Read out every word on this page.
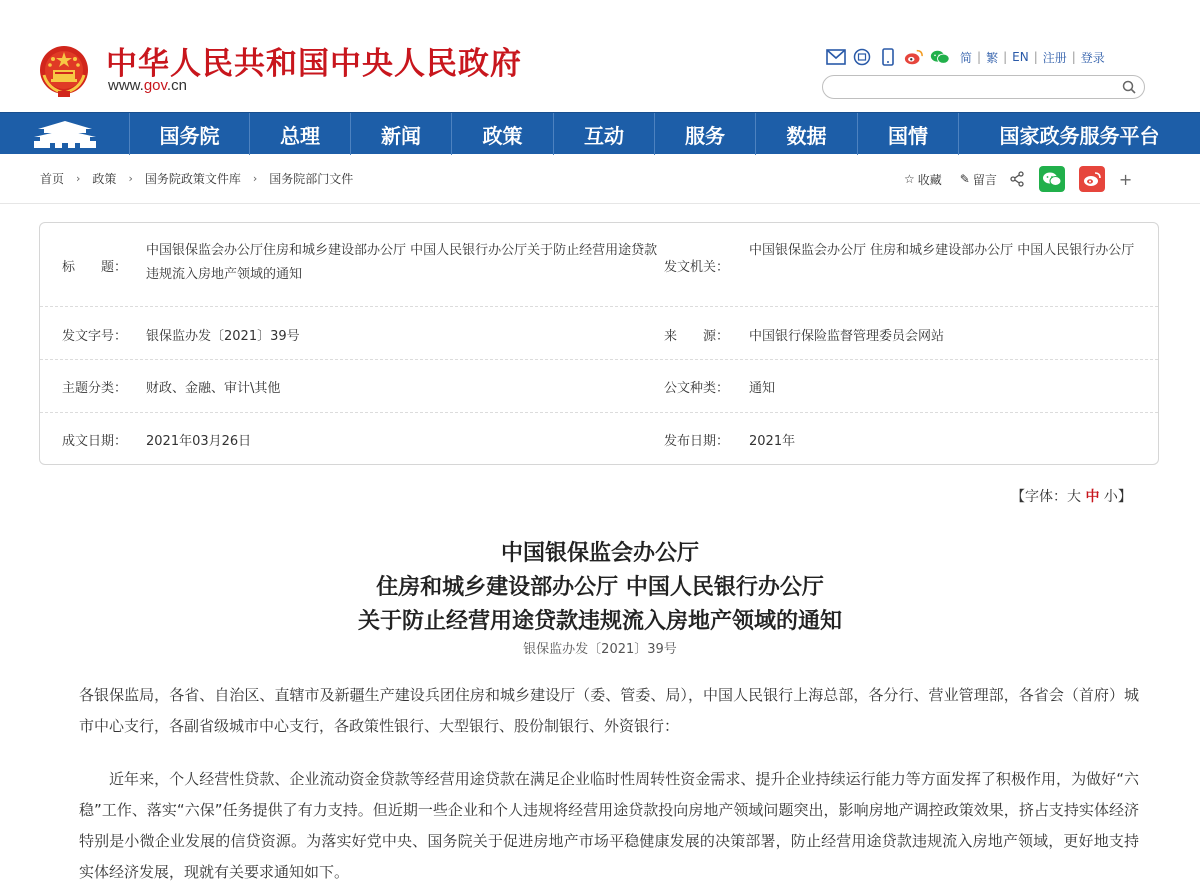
中华人民共和国中央人民政府
www.gov.cn
简 | 繁 | EN | 注册 | 登录
国务院	总理	新闻	政策	互动	服务	数据	国情	国家政务服务平台
首页 › 政策 › 国务院政策文件库 › 国务院部门文件	☆ 收藏 ✎ 留言	+
标　　题：
中国银保监会办公厅住房和城乡建设部办公厅 中国人民银行办公厅关于防止经营用途贷款违规流入房地产领域的通知	发文机关：
中国银保监会办公厅 住房和城乡建设部办公厅 中国人民银行办公厅
发文字号： 银保监办发〔2021〕39号	来　　源： 中国银行保险监督管理委员会网站
主题分类： 财政、金融、审计\其他	公文种类： 通知
成文日期： 2021年03月26日	发布日期： 2021年
【字体：大 中 小】
中国银保监会办公厅
住房和城乡建设部办公厅 中国人民银行办公厅
关于防止经营用途贷款违规流入房地产领域的通知
银保监办发〔2021〕39号
各银保监局，各省、自治区、直辖市及新疆生产建设兵团住房和城乡建设厅（委、管委、局），中国人民银行上海总部，各分行、营业管理部，各省会（首府）城市中心支行，各副省级城市中心支行，各政策性银行、大型银行、股份制银行、外资银行：
近年来，个人经营性贷款、企业流动资金贷款等经营用途贷款在满足企业临时性周转性资金需求、提升企业持续运行能力等方面发挥了积极作用，为做好“六稳”工作、落实“六保”任务提供了有力支持。但近期一些企业和个人违规将经营用途贷款投向房地产领域问题突出，影响房地产调控政策效果，挤占支持实体经济特别是小微企业发展的信贷资源。为落实好党中央、国务院关于促进房地产市场平稳健康发展的决策部署，防止经营用途贷款违规流入房地产领域，更好地支持实体经济发展，现就有关要求通知如下。
